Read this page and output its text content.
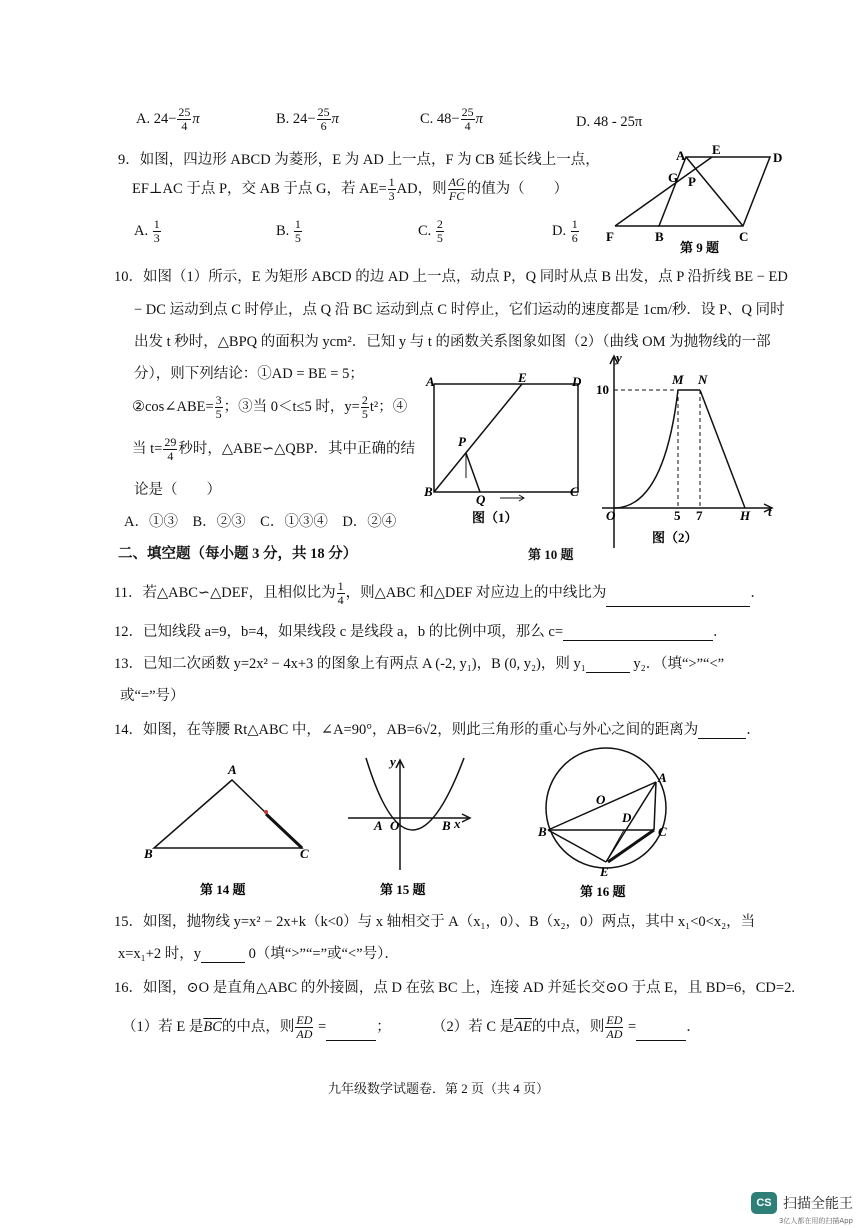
A. $24- \frac{25}{4}$ π	B. $24- \frac{25}{6}$ π	C. $48- \frac{25}{4}$ π	D. 48 - 25π
9．如图，四边形 ABCD 为菱形，E 为 AD 上一点，F 为 CB 延长线上一点，
EF⊥AC 于点 P，交 AB 于点 G，若 $AE= \frac{1}{3}$ AD，则 $\frac{AG}{FC}$ 的值为（　　）
A. $\frac{1}{3}$	B. $\frac{1}{5}$	C. $\frac{2}{5}$	D. $\frac{1}{6}$
A E
D
G P
F	B	C
第 9 题
10．如图（1）所示，E 为矩形 ABCD 的边 AD 上一点，动点 P，Q 同时从点 B 出发，点 P 沿折线 BE − ED
− DC 运动到点 C 时停止，点 Q 沿 BC 运动到点 C 时停止，它们运动的速度都是 1cm/秒．设 P、Q 同时
出发 t 秒时，△BPQ 的面积为 ycm²．已知 y 与 t 的函数关系图象如图（2）（曲线 OM 为抛物线的一部
分），则下列结论：①AD = BE = 5；
②cos∠ABE= $\frac{3}{5}$ ；③当 0＜t≤5 时，$y= \frac{2}{5} t^2$；④
当 $t= \frac{29}{4}$ 秒时，△ABE∽△QBP．其中正确的结
论是（　　）
A．①③　B．②③　C．①③④　D．②④
A	E	D
P
B
Q
C
图（1）
y
10
M N
O	5 7	H t
图（2）
第 10 题
二、填空题（每小题 3 分，共 18 分）
11．若△ABC∽△DEF，且相似比为 $\frac{1}{4}$ ，则△ABC 和△DEF 对应边上的中线比为	．
12．已知线段 a=9，b=4，如果线段 c 是线段 a，b 的比例中项，那么 c=	．
13．已知二次函数 y=2x² − 4x+3 的图象上有两点 A (-2, y₁)，B (0, y₂)，则 y₁	y₂．（填“>”“<”
或“=”号）
14．如图，在等腰 Rt△ABC 中，∠A=90°，AB=6√2，则此三角形的重心与外心之间的距离为	．
A
B	C
第 14 题
y
A O	B x
第 15 题
O
A
D
B	C
E
第 16 题
15．如图，抛物线 y=x² − 2x+k（k<0）与 x 轴相交于 A（x₁，0）、B（x₂，0）两点，其中 x₁<0<x₂，当
x=x₁+2 时，y	0（填“>”“=”或“<”号）．
16．如图，⊙O 是直角△ABC 的外接圆，点 D 在弦 BC 上，连接 AD 并延长交⊙O 于点 E，且 BD=6，CD=2.
（1）若 E 是$\overline{BC}$的中点，则 $\frac{ED}{AD}$ =	；	（2）若 C 是$\overline{AE}$的中点，则 $\frac{ED}{AD}$ =	．
九年级数学试题卷．第 2 页（共 4 页）
CS 扫描全能王
3亿人都在用的扫描App
